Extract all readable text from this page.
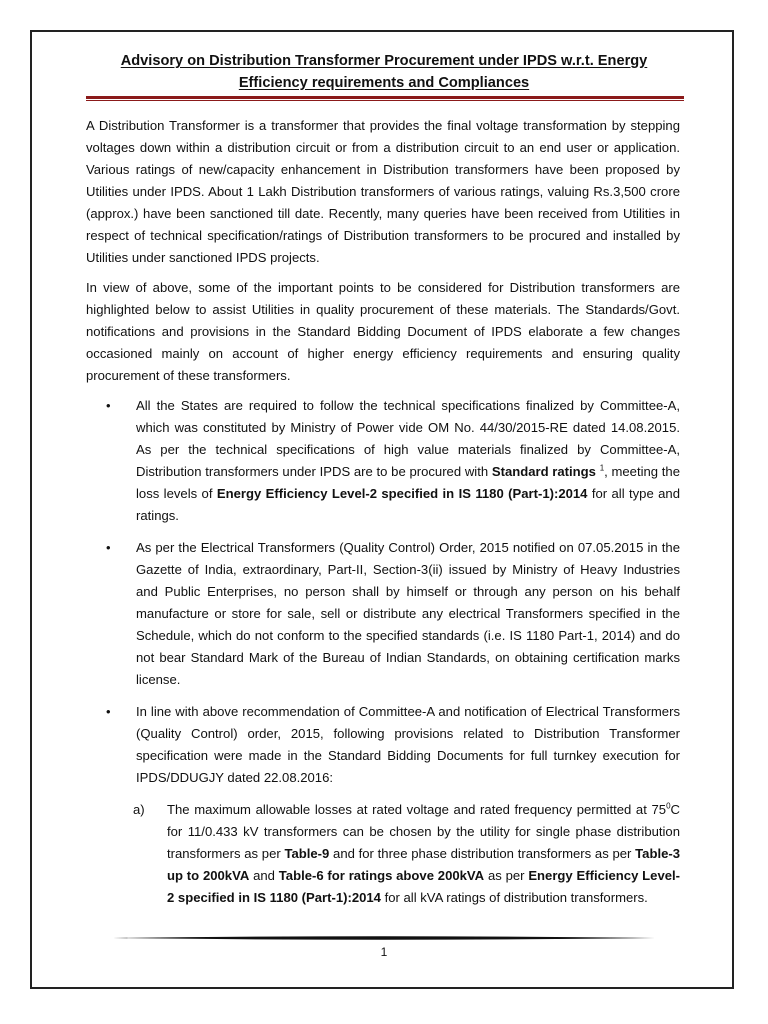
Advisory on Distribution Transformer Procurement under IPDS w.r.t. Energy
Efficiency requirements and Compliances

A Distribution Transformer is a transformer that provides the final voltage transformation by stepping voltages down within a distribution circuit or from a distribution circuit to an end user or application. Various ratings of new/capacity enhancement in Distribution transformers have been proposed by Utilities under IPDS. About 1 Lakh Distribution transformers of various ratings, valuing Rs.3,500 crore (approx.) have been sanctioned till date. Recently, many queries have been received from Utilities in respect of technical specification/ratings of Distribution transformers to be procured and installed by Utilities under sanctioned IPDS projects.

In view of above, some of the important points to be considered for Distribution transformers are highlighted below to assist Utilities in quality procurement of these materials. The Standards/Govt. notifications and provisions in the Standard Bidding Document of IPDS elaborate a few changes occasioned mainly on account of higher energy efficiency requirements and ensuring quality procurement of these transformers.

• All the States are required to follow the technical specifications finalized by Committee-A, which was constituted by Ministry of Power vide OM No. 44/30/2015-RE dated 14.08.2015. As per the technical specifications of high value materials finalized by Committee-A, Distribution transformers under IPDS are to be procured with Standard ratings $^1$, meeting the loss levels of Energy Efficiency Level-2 specified in IS 1180 (Part-1):2014 for all type and ratings.
• As per the Electrical Transformers (Quality Control) Order, 2015 notified on 07.05.2015 in the Gazette of India, extraordinary, Part-II, Section-3(ii) issued by Ministry of Heavy Industries and Public Enterprises, no person shall by himself or through any person on his behalf manufacture or store for sale, sell or distribute any electrical Transformers specified in the Schedule, which do not conform to the specified standards (i.e. IS 1180 Part-1, 2014) and do not bear Standard Mark of the Bureau of Indian Standards, on obtaining certification marks license.
• In line with above recommendation of Committee-A and notification of Electrical Transformers (Quality Control) order, 2015, following provisions related to Distribution Transformer specification were made in the Standard Bidding Documents for full turnkey execution for IPDS/DDUGJY dated 22.08.2016:
a) The maximum allowable losses at rated voltage and rated frequency permitted at $75^0C$ for 11/0.433 kV transformers can be chosen by the utility for single phase distribution transformers as per Table-9 and for three phase distribution transformers as per Table-3 up to 200kVA and Table-6 for ratings above 200kVA as per Energy Efficiency Level-2 specified in IS 1180 (Part-1):2014 for all kVA ratings of distribution transformers.
1
